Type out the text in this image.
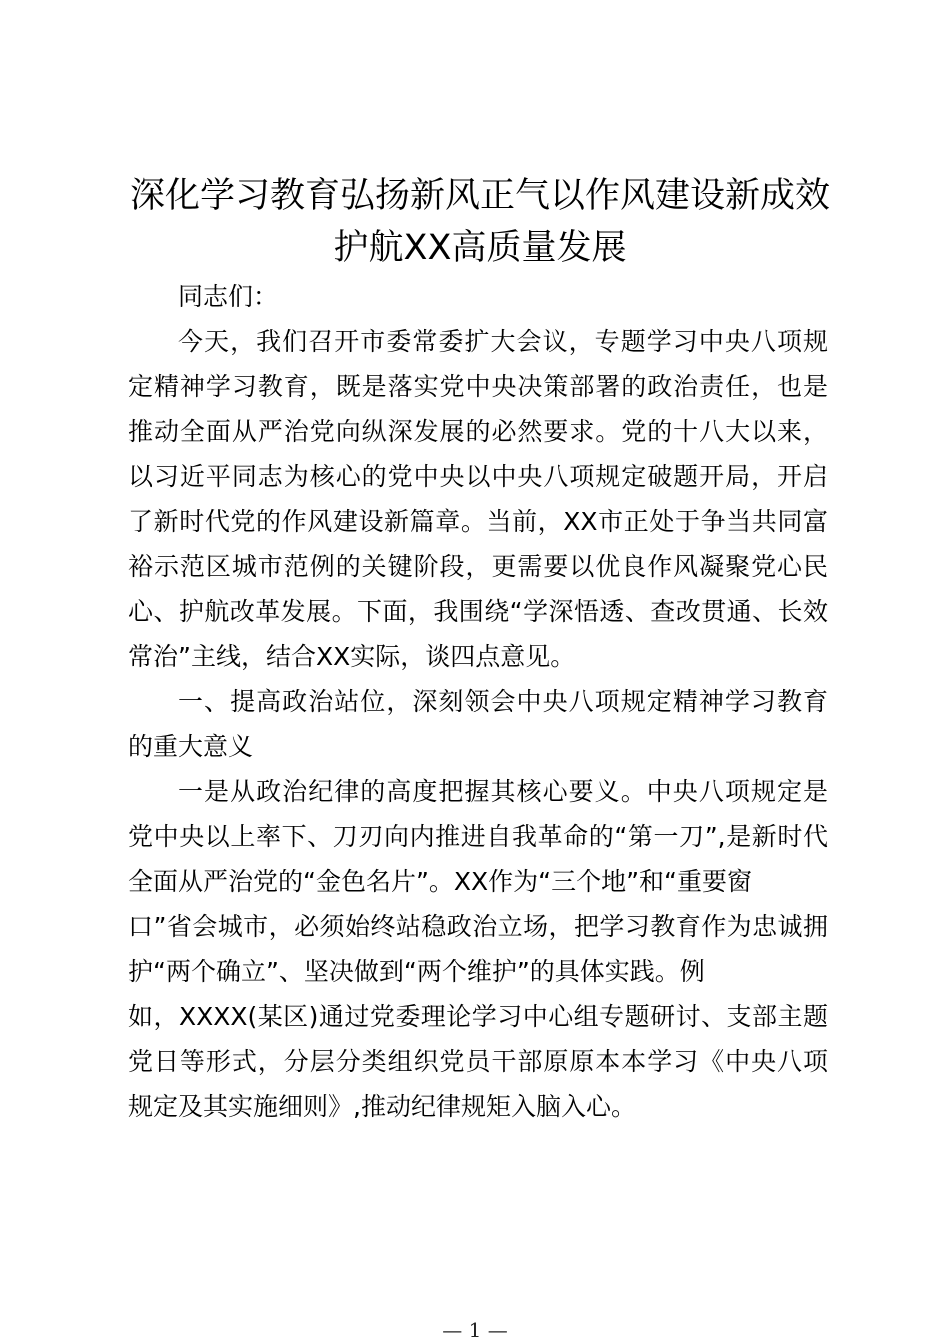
深化学习教育弘扬新风正气以作风建设新成效
护航XX高质量发展
同志们：
今天，我们召开市委常委扩大会议，专题学习中央八项规
定精神学习教育，既是落实党中央决策部署的政治责任，也是
推动全面从严治党向纵深发展的必然要求。党的十八大以来，
以习近平同志为核心的党中央以中央八项规定破题开局，开启
了新时代党的作风建设新篇章。当前，XX市正处于争当共同富
裕示范区城市范例的关键阶段，更需要以优良作风凝聚党心民
心、护航改革发展。下面，我围绕“学深悟透、查改贯通、长效
常治”主线，结合XX实际，谈四点意见。
一、提高政治站位，深刻领会中央八项规定精神学习教育
的重大意义
一是从政治纪律的高度把握其核心要义。中央八项规定是
党中央以上率下、刀刃向内推进自我革命的“第一刀”,是新时代
全面从严治党的“金色名片”。XX作为“三个地”和“重要窗
口”省会城市，必须始终站稳政治立场，把学习教育作为忠诚拥
护“两个确立”、坚决做到“两个维护”的具体实践。例
如，XXXX(某区)通过党委理论学习中心组专题研讨、支部主题
党日等形式，分层分类组织党员干部原原本本学习《中央八项
规定及其实施细则》,推动纪律规矩入脑入心。
— 1 —
